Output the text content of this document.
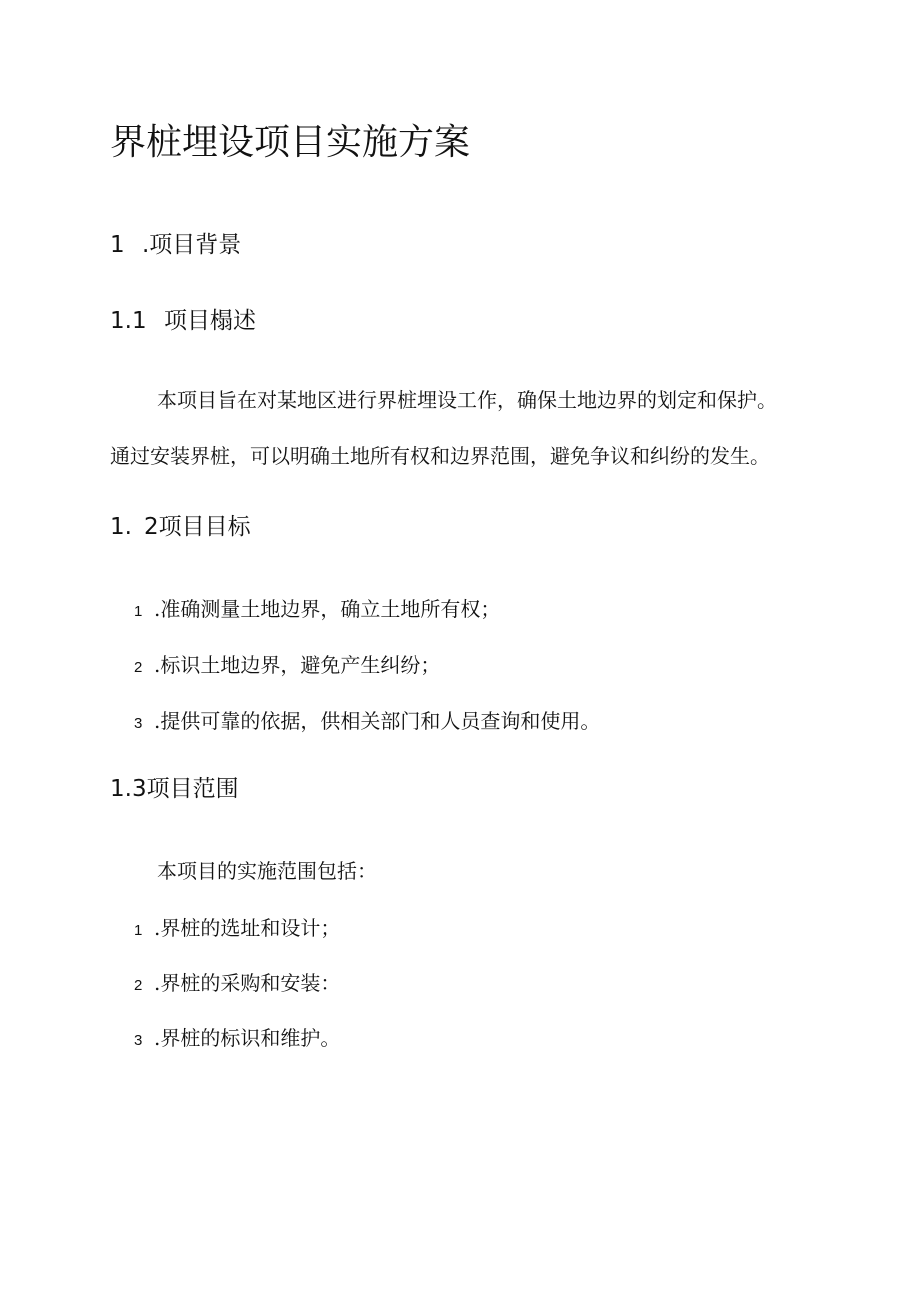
界桩埋设项目实施方案
1 .项目背景
1.1 项目榻述
本项目旨在对某地区进行界桩埋设工作，确保土地边界的划定和保护。
通过安装界桩，可以明确土地所有权和边界范围，避免争议和纠纷的发生。
1. 2项目目标
1 .准确测量土地边界，确立土地所有权；
2 .标识土地边界，避免产生纠纷；
3 .提供可靠的依据，供相关部门和人员查询和使用。
1.3项目范围
本项目的实施范围包括：
1 .界桩的选址和设计；
2 .界桩的采购和安装：
3 .界桩的标识和维护。
